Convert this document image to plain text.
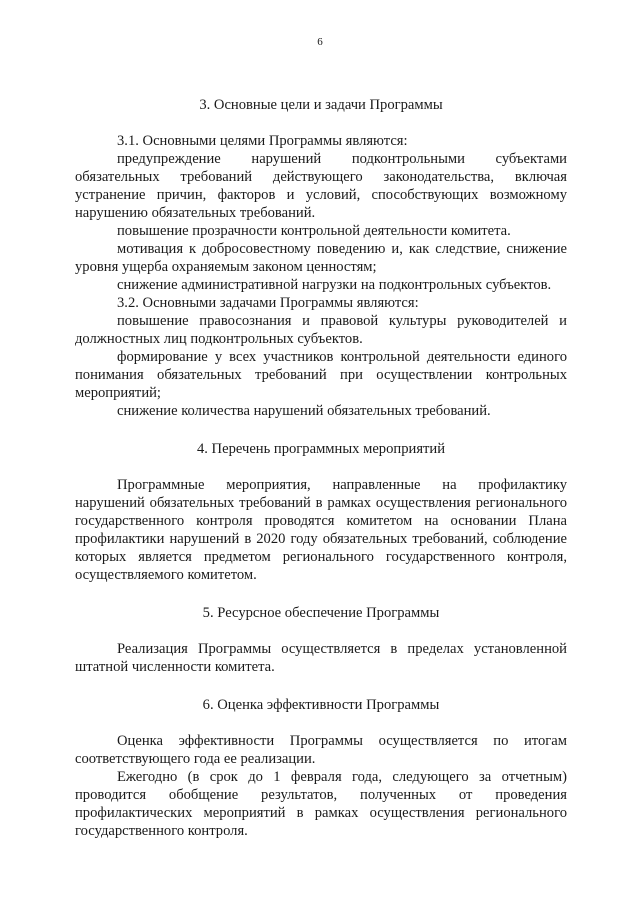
6

3. Основные цели и задачи Программы

3.1. Основными целями Программы являются:

предупреждение нарушений подконтрольными субъектами обязательных требований действующего законодательства, включая устранение причин, факторов и условий, способствующих возможному нарушению обязательных требований.

повышение прозрачности контрольной деятельности комитета.

мотивация к добросовестному поведению и, как следствие, снижение уровня ущерба охраняемым законом ценностям;

снижение административной нагрузки на подконтрольных субъектов.

3.2. Основными задачами Программы являются:

повышение правосознания и правовой культуры руководителей и должностных лиц подконтрольных субъектов.

формирование у всех участников контрольной деятельности единого понимания обязательных требований при осуществлении контрольных мероприятий;

снижение количества нарушений обязательных требований.

4. Перечень программных мероприятий

Программные мероприятия, направленные на профилактику нарушений обязательных требований в рамках осуществления регионального государственного контроля проводятся комитетом на основании Плана профилактики нарушений в 2020 году обязательных требований, соблюдение которых является предметом регионального государственного контроля, осуществляемого комитетом.

5. Ресурсное обеспечение Программы

Реализация Программы осуществляется в пределах установленной штатной численности комитета.

6. Оценка эффективности Программы

Оценка эффективности Программы осуществляется по итогам соответствующего года ее реализации.

Ежегодно (в срок до 1 февраля года, следующего за отчетным) проводится обобщение результатов, полученных от проведения профилактических мероприятий в рамках осуществления регионального государственного контроля.
